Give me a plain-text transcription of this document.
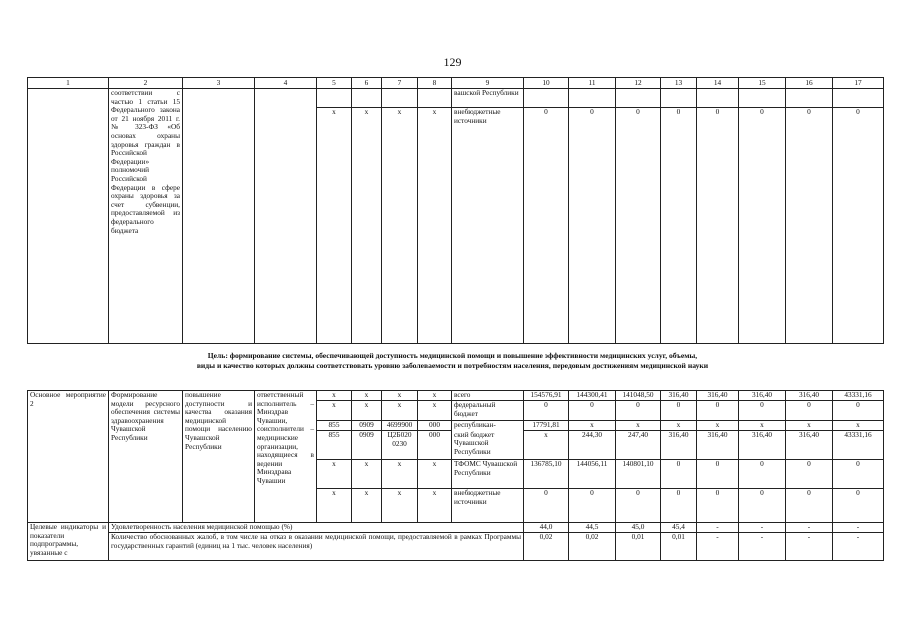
129
1	2	3	4	5	6	7	8	9	10	11	12	13	14	15	16	17
	соответствии с частью 1 статьи 15 Федерального закона от 21 ноября 2011 г. № 323-ФЗ «Об основах охраны здоровья граждан в Российской Федерации» полномочий Российской Федерации в сфере охраны здоровья за счет субвенции, предоставляемой из федерального бюджета							вашской Республики								
				x	x	x	x	внебюджетные источники	0	0	0	0	0	0	0	0
Цель: формирование системы, обеспечивающей доступность медицинской помощи и повышение эффективности медицинских услуг, объемы,
виды и качество которых должны соответствовать уровню заболеваемости и потребностям населения, передовым достижениям медицинской науки
Основное мероприятие 2	Формирование модели ресурсного обеспечения системы здравоохранения Чувашской Республики	повышение доступности и качества оказания медицинской помощи населению Чувашской Республики	ответственный исполнитель – Минздрав Чувашии, соисполнители – медицинские организации, находящиеся в ведении Минздрава Чувашии	x	x	x	x	всего	154576,91	144300,41	141048,50	316,40	316,40	316,40	316,40	43331,16
				x	x	x	x	федеральный бюджет	0	0	0	0	0	0	0	0
				855	0909	4699900	000	республикан-	17791,81	x	x	x	x	x	x	x
				855	0909	Ц2Б020 0230	000	ский бюджет Чувашской Республики	x	244,30	247,40	316,40	316,40	316,40	316,40	43331,16
				x	x	x	x	ТФОМС Чувашской Республики	136785,10	144056,11	140801,10	0	0	0	0	0
				x	x	x	x	внебюджетные источники	0	0	0	0	0	0	0	0
Целевые индикаторы и показатели подпрограммы, увязанные с	Удовлетворенность населения медицинской помощью (%)								44,0	44,5	45,0	45,4	-	-	-	-
	Количество обоснованных жалоб, в том числе на отказ в оказании медицинской помощи, предоставляемой в рамках Программы государственных гарантий (единиц на 1 тыс. человек населения)								0,02	0,02	0,01	0,01	-	-	-	-
